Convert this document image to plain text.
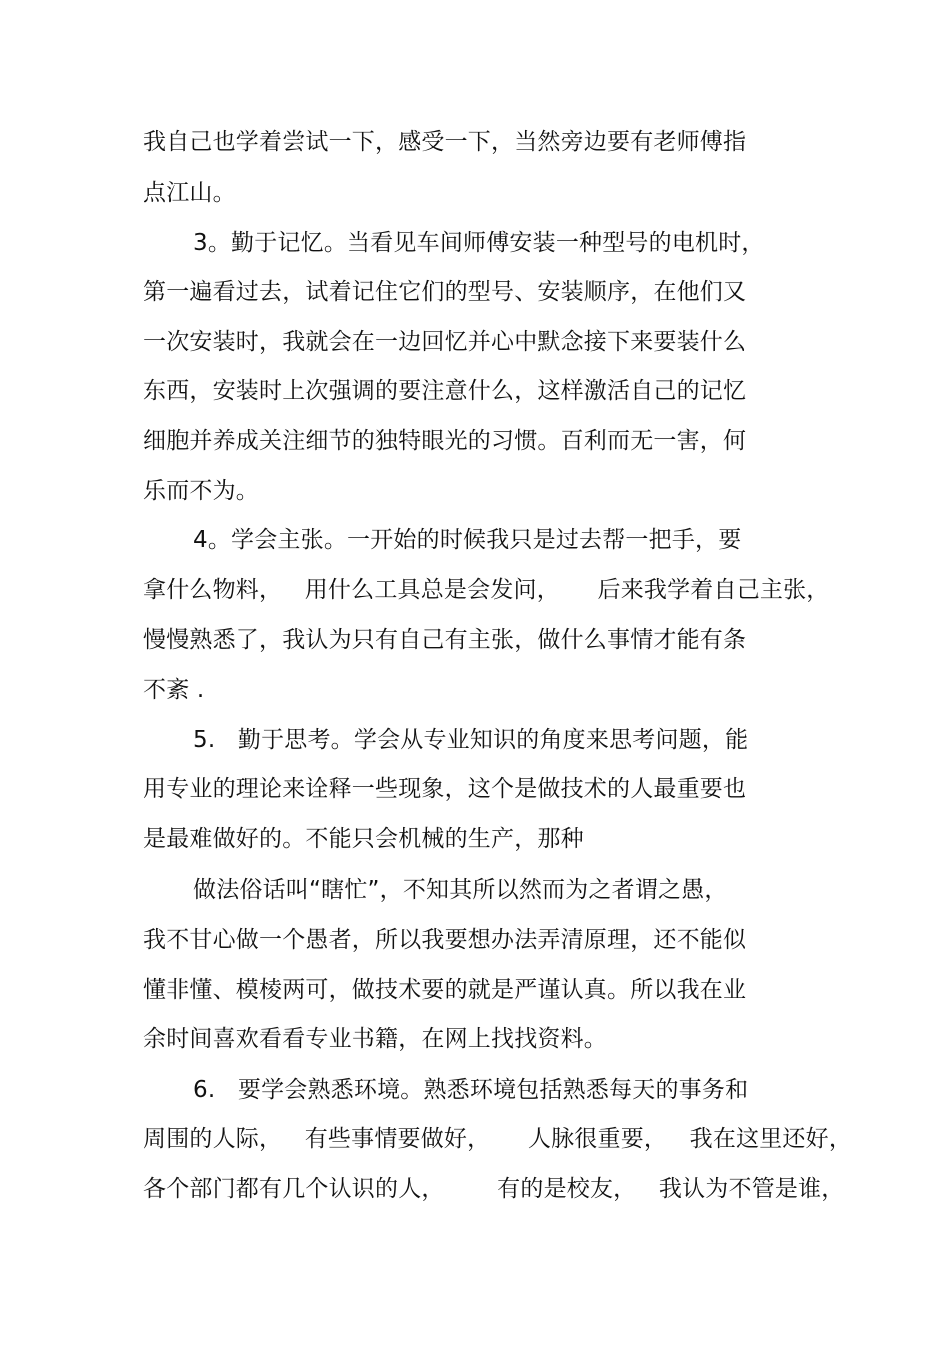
我自己也学着尝试一下，感受一下，当然旁边要有老师傅指
点江山。
3。勤于记忆。当看见车间师傅安装一种型号的电机时，
第一遍看过去，试着记住它们的型号、安装顺序，在他们又
一次安装时，我就会在一边回忆并心中默念接下来要装什么
东西，安装时上次强调的要注意什么，这样激活自己的记忆
细胞并养成关注细节的独特眼光的习惯。百利而无一害，何
乐而不为。
4。学会主张。一开始的时候我只是过去帮一把手，要
拿什么物料，   用什么工具总是会发问，     后来我学着自己主张，
慢慢熟悉了，我认为只有自己有主张，做什么事情才能有条
不紊 .
5.   勤于思考。学会从专业知识的角度来思考问题，能
用专业的理论来诠释一些现象，这个是做技术的人最重要也
是最难做好的。不能只会机械的生产，那种
做法俗话叫“瞎忙”，不知其所以然而为之者谓之愚，
我不甘心做一个愚者，所以我要想办法弄清原理，还不能似
懂非懂、模棱两可，做技术要的就是严谨认真。所以我在业
余时间喜欢看看专业书籍，在网上找找资料。
6.   要学会熟悉环境。熟悉环境包括熟悉每天的事务和
周围的人际，   有些事情要做好，     人脉很重要，   我在这里还好，
各个部门都有几个认识的人，       有的是校友，   我认为不管是谁，
